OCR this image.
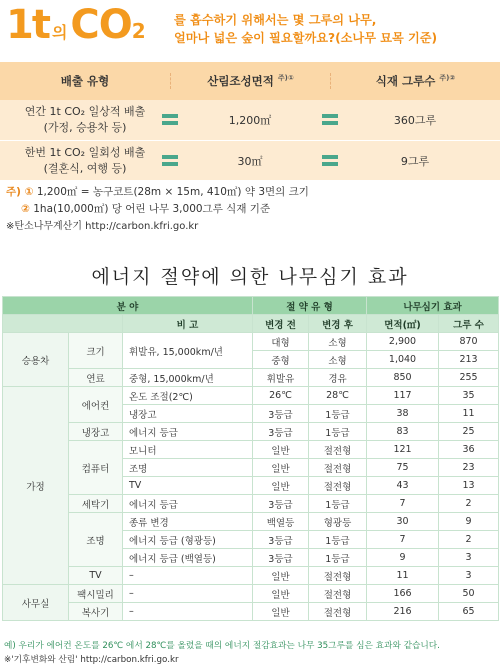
1t 의 CO 2 를 흡수하기 위해서는 몇 그루의 나무,
얼마나 넓은 숲이 필요할까요?(소나무 묘목 기준)
배출 유형	산림조성면적 $^{주)①}$	식재 그루수 $^{주)②}$
연간 1t CO₂ 일상적 배출
(가정, 승용차 등)
1,200㎡	360그루
한번 1t CO₂ 일회성 배출
(결혼식, 여행 등)
30㎡	9그루
주) ① 1,200㎡ = 농구코트(28m × 15m, 410㎡) 약 3면의 크기
② 1ha(10,000㎡) 당 어린 나무 3,000그루 식재 기준
※탄소나무계산기 http://carbon.kfri.go.kr
에너지 절약에 의한 나무심기 효과
분 야			절 약 유 형		나무심기 효과	
		비 고	변경 전	변경 후	면적(㎡)	그루 수
승용차	크기	휘발유, 15,000km/년	대형	소형	2,900	870
			중형	소형	1,040	213
	연료	중형, 15,000km/년	휘발유	경유	850	255
가정	에어컨	온도 조절(2℃)	26℃	28℃	117	35
		냉장고	3등급	1등급	38	11
	냉장고	에너지 등급	3등급	1등급	83	25
	컴퓨터	모니터	일반	절전형	121	36
		조명	일반	절전형	75	23
		TV	일반	절전형	43	13
	세탁기	에너지 등급	3등급	1등급	7	2
	조명	종류 변경	백열등	형광등	30	9
		에너지 등급 (형광등)	3등급	1등급	7	2
		에너지 등급 (백열등)	3등급	1등급	9	3
	TV	–	일반	절전형	11	3
사무실	팩시밀리	–	일반	절전형	166	50
	복사기	–	일반	절전형	216	65
예) 우리가 에어컨 온도를 26℃ 에서 28℃를 올렸을 때의 에너지 절감효과는 나무 35그루를 심은 효과와 같습니다.
※'기후변화와 산림' http://carbon.kfri.go.kr
